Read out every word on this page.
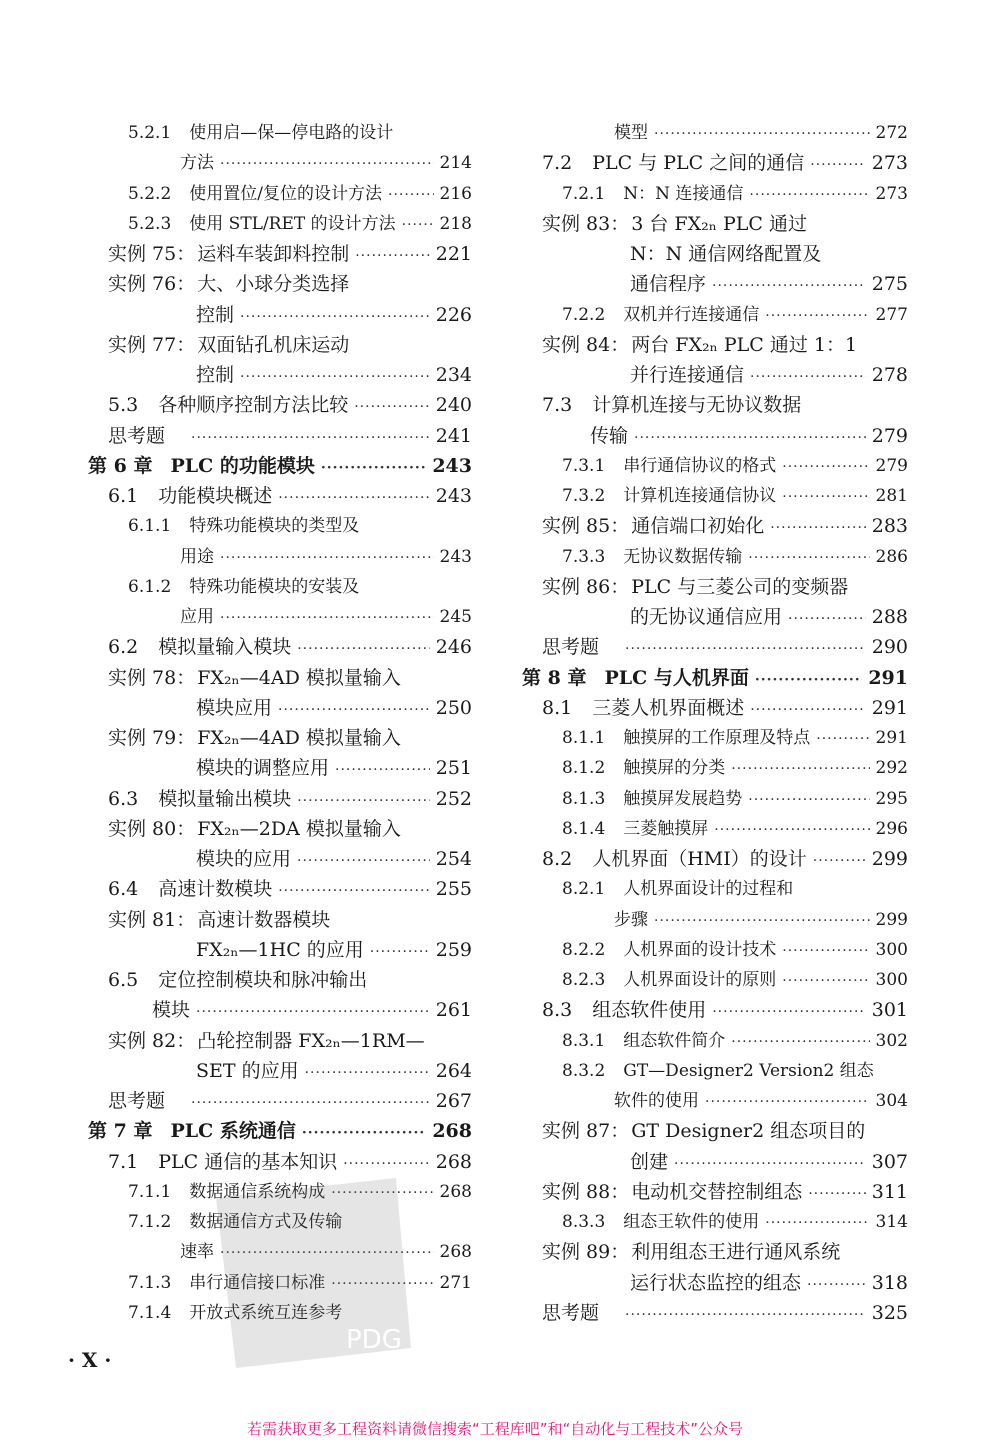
5.2.1 使用启—保—停电路的设计
方法 ·····	214
5.2.2 使用置位/复位的设计方法 ·····	216
5.2.3 使用 STL/RET 的设计方法 ·····	218
实例 75： 运料车装卸料控制 ·····	221
实例 76： 大、小球分类选择
控制 ·····	226
实例 77： 双面钻孔机床运动
控制 ·····	234
5.3 各种顺序控制方法比较 ·····	240
思考题 ·····	241
第 6 章 PLC 的功能模块 ·····	243
6.1 功能模块概述 ·····	243
6.1.1 特殊功能模块的类型及
用途 ·····	243
6.1.2 特殊功能模块的安装及
应用 ·····	245
6.2 模拟量输入模块 ·····	246
实例 78： FX₂ₙ—4AD 模拟量输入
模块应用 ·····	250
实例 79： FX₂ₙ—4AD 模拟量输入
模块的调整应用 ·····	251
6.3 模拟量输出模块 ·····	252
实例 80： FX₂ₙ—2DA 模拟量输入
模块的应用 ·····	254
6.4 高速计数模块 ·····	255
实例 81： 高速计数器模块
FX₂ₙ—1HC 的应用 ·····	259
6.5 定位控制模块和脉冲输出
模块 ·····	261
实例 82： 凸轮控制器 FX₂ₙ—1RM—
SET 的应用 ·····	264
思考题 ·····	267
第 7 章 PLC 系统通信 ·····	268
7.1 PLC 通信的基本知识 ·····	268
7.1.1 数据通信系统构成 ·····	268
7.1.2 数据通信方式及传输
速率 ·····	268
7.1.3 串行通信接口标准 ·····	271
7.1.4 开放式系统互连参考
模型 ·····	272
7.2 PLC 与 PLC 之间的通信 ·····	273
7.2.1 N：N 连接通信 ·····	273
实例 83： 3 台 FX₂ₙ PLC 通过
N：N 通信网络配置及
通信程序 ·····	275
7.2.2 双机并行连接通信 ·····	277
实例 84： 两台 FX₂ₙ PLC 通过 1：1
并行连接通信 ·····	278
7.3 计算机连接与无协议数据
传输 ·····	279
7.3.1 串行通信协议的格式 ·····	279
7.3.2 计算机连接通信协议 ·····	281
实例 85： 通信端口初始化 ·····	283
7.3.3 无协议数据传输 ·····	286
实例 86： PLC 与三菱公司的变频器
的无协议通信应用 ·····	288
思考题 ·····	290
第 8 章 PLC 与人机界面 ·····	291
8.1 三菱人机界面概述 ·····	291
8.1.1 触摸屏的工作原理及特点 ·····	291
8.1.2 触摸屏的分类 ·····	292
8.1.3 触摸屏发展趋势 ·····	295
8.1.4 三菱触摸屏 ·····	296
8.2 人机界面（HMI）的设计 ·····	299
8.2.1 人机界面设计的过程和
步骤 ·····	299
8.2.2 人机界面的设计技术 ·····	300
8.2.3 人机界面设计的原则 ·····	300
8.3 组态软件使用 ·····	301
8.3.1 组态软件简介 ·····	302
8.3.2 GT—Designer2 Version2 组态
软件的使用 ·····	304
实例 87： GT Designer2 组态项目的
创建 ·····	307
实例 88： 电动机交替控制组态 ·····	311
8.3.3 组态王软件的使用 ·····	314
实例 89： 利用组态王进行通风系统
运行状态监控的组态 ·····	318
思考题 ·····	325
PDG
· X ·
若需获取更多工程资料请微信搜索“工程库吧”和“自动化与工程技术”公众号
